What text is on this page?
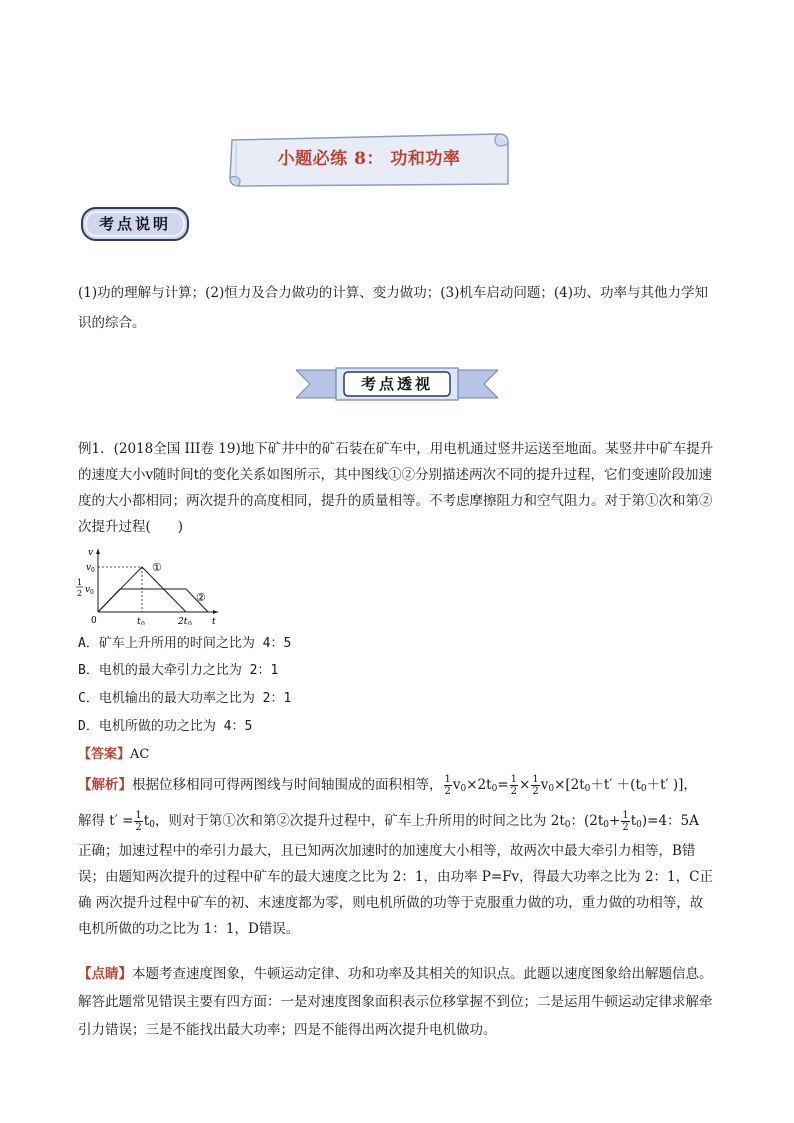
小题必练 8： 功和功率
考点说明
(1)功的理解与计算；(2)恒力及合力做功的计算、变力做功；(3)机车启动问题；(4)功、功率与其他力学知识的综合。
考点透视
例1．(2018全国 III卷 19)地下矿井中的矿石装在矿车中，用电机通过竖井运送至地面。某竖井中矿车提升的速度大小v随时间t的变化关系如图所示，其中图线①②分别描述两次不同的提升过程，它们变速阶段加速度的大小都相同；两次提升的高度相同，提升的质量相等。不考虑摩擦阻力和空气阻力。对于第①次和第②次提升过程(　　)
v
t
v 0
1
2 v 0
0	t 0	2t 0
①
②
A．矿车上升所用的时间之比为 4：5
B．电机的最大牵引力之比为 2：1
C．电机输出的最大功率之比为 2：1
D．电机所做的功之比为 4：5
【答案】AC
【解析】根据位移相同可得两图线与时间轴围成的面积相等， $\frac{1}{2} v_0\times 2t_0= \frac{1}{2} \times \frac{1}{2} v_0\times[2t_0+t' +(t_0+t'$ )]，
解得 $t' = \frac{1}{2} t_0$，则对于第①次和第②次提升过程中，矿车上升所用的时间之比为 $2t_0$：$(2t_0+ \frac{1}{2} t_0)=4$：5A
正确；加速过程中的牵引力最大，且已知两次加速时的加速度大小相等，故两次中最大牵引力相等，B错
误；由题知两次提升的过程中矿车的最大速度之比为 2：1，由功率 P=Fv，得最大功率之比为 2：1，C正
确 两次提升过程中矿车的初、末速度都为零，则电机所做的功等于克服重力做的功，重力做的功相等，故
电机所做的功之比为 1：1，D错误。
【点睛】本题考查速度图象，牛顿运动定律、功和功率及其相关的知识点。此题以速度图象给出解题信息。解答此题常见错误主要有四方面：一是对速度图象面积表示位移掌握不到位；二是运用牛顿运动定律求解牵引力错误；三是不能找出最大功率；四是不能得出两次提升电机做功。
